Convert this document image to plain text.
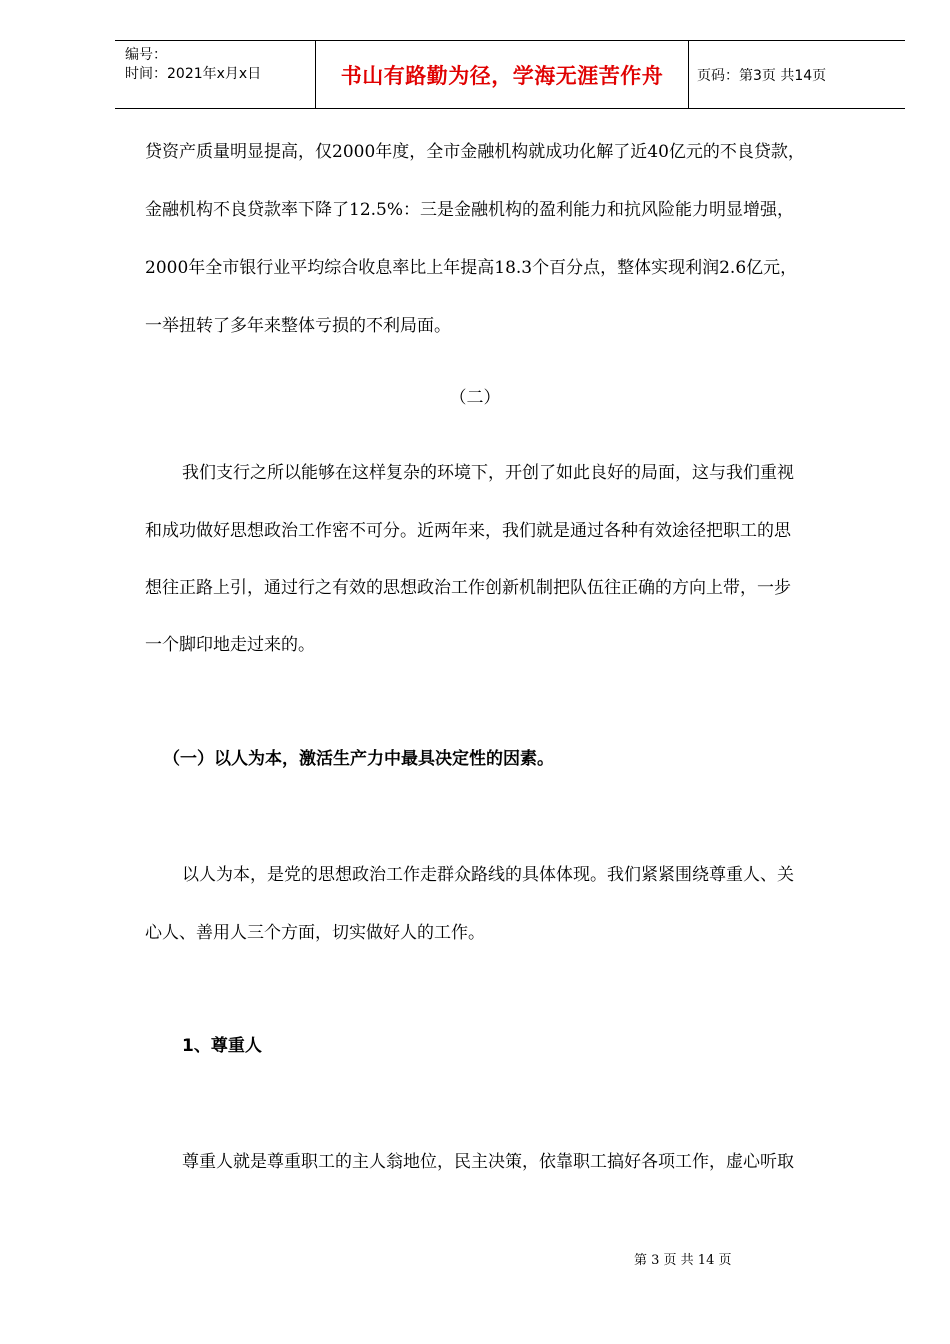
编号：
时间：2021年x月x日	书山有路勤为径，学海无涯苦作舟 页码：第3页 共14页
贷资产质量明显提高，仅2000年度，全市金融机构就成功化解了近40亿元的不良贷款，
金融机构不良贷款率下降了12.5%：三是金融机构的盈利能力和抗风险能力明显增强，
2000年全市银行业平均综合收息率比上年提高18.3个百分点，整体实现利润2.6亿元，
一举扭转了多年来整体亏损的不利局面。
（二）
我们支行之所以能够在这样复杂的环境下，开创了如此良好的局面，这与我们重视
和成功做好思想政治工作密不可分。近两年来，我们就是通过各种有效途径把职工的思
想往正路上引，通过行之有效的思想政治工作创新机制把队伍往正确的方向上带，一步
一个脚印地走过来的。
（一）以人为本，激活生产力中最具决定性的因素。
以人为本，是党的思想政治工作走群众路线的具体体现。我们紧紧围绕尊重人、关
心人、善用人三个方面，切实做好人的工作。
1、尊重人
尊重人就是尊重职工的主人翁地位，民主决策，依靠职工搞好各项工作，虚心听取
第 3 页 共 14 页
